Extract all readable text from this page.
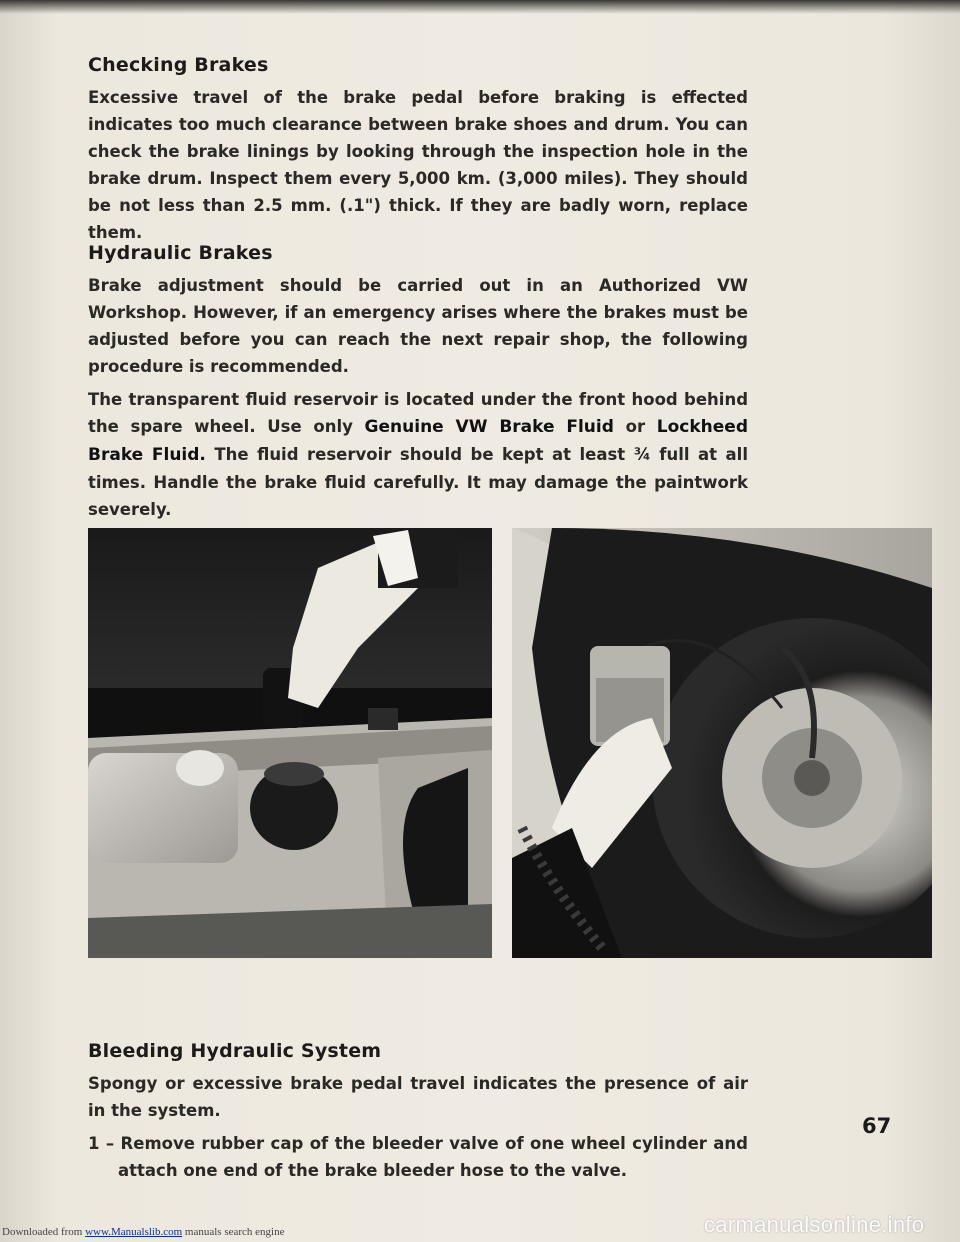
Checking Brakes

Excessive travel of the brake pedal before braking is effected indicates too much clearance between brake shoes and drum. You can check the brake linings by looking through the inspection hole in the brake drum. Inspect them every 5,000 km. (3,000 miles). They should be not less than 2.5 mm. (.1") thick. If they are badly worn, replace them.

Hydraulic Brakes

Brake adjustment should be carried out in an Authorized VW Workshop. However, if an emergency arises where the brakes must be adjusted before you can reach the next repair shop, the following procedure is recommended.

The transparent fluid reservoir is located under the front hood behind the spare wheel. Use only Genuine VW Brake Fluid or Lockheed Brake Fluid. The fluid reservoir should be kept at least ¾ full at all times. Handle the brake fluid carefully. It may damage the paintwork severely.

Bleeding Hydraulic System

Spongy or excessive brake pedal travel indicates the presence of air in the system.

1 – Remove rubber cap of the bleeder valve of one wheel cylinder and attach one end of the brake bleeder hose to the valve.

67
Downloaded from www.Manualslib.com manuals search engine	carmanualsonline.info
